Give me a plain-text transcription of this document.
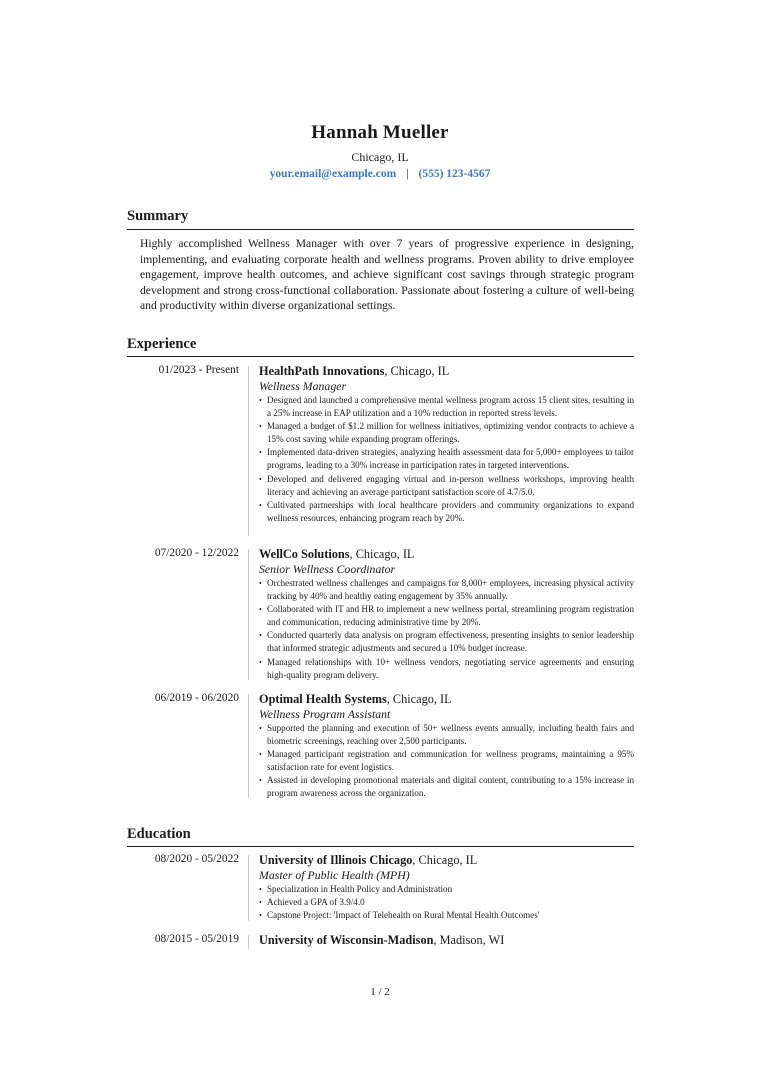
Hannah Mueller
Chicago, IL
your.email@example.com | (555) 123-4567
Summary
Highly accomplished Wellness Manager with over 7 years of progressive experience in designing, implementing, and evaluating corporate health and wellness programs. Proven ability to drive employee engagement, improve health outcomes, and achieve significant cost savings through strategic program development and strong cross-functional collaboration. Passionate about fostering a culture of well-being and productivity within diverse organizational settings.
Experience
01/2023 - Present HealthPath Innovations, Chicago, IL
Wellness Manager
• Designed and launched a comprehensive mental wellness program across 15 client sites, resulting in a 25% increase in EAP utilization and a 10% reduction in reported stress levels.
• Managed a budget of $1.2 million for wellness initiatives, optimizing vendor contracts to achieve a 15% cost saving while expanding program offerings.
• Implemented data-driven strategies, analyzing health assessment data for 5,000+ employees to tailor programs, leading to a 30% increase in participation rates in targeted interventions.
• Developed and delivered engaging virtual and in-person wellness workshops, improving health literacy and achieving an average participant satisfaction score of 4.7/5.0.
• Cultivated partnerships with local healthcare providers and community organizations to expand wellness resources, enhancing program reach by 20%.
07/2020 - 12/2022 WellCo Solutions, Chicago, IL
Senior Wellness Coordinator
• Orchestrated wellness challenges and campaigns for 8,000+ employees, increasing physical activity tracking by 40% and healthy eating engagement by 35% annually.
• Collaborated with IT and HR to implement a new wellness portal, streamlining program registration and communication, reducing administrative time by 20%.
• Conducted quarterly data analysis on program effectiveness, presenting insights to senior leadership that informed strategic adjustments and secured a 10% budget increase.
• Managed relationships with 10+ wellness vendors, negotiating service agreements and ensuring high-quality program delivery.
06/2019 - 06/2020 Optimal Health Systems, Chicago, IL
Wellness Program Assistant
• Supported the planning and execution of 50+ wellness events annually, including health fairs and biometric screenings, reaching over 2,500 participants.
• Managed participant registration and communication for wellness programs, maintaining a 95% satisfaction rate for event logistics.
• Assisted in developing promotional materials and digital content, contributing to a 15% increase in program awareness across the organization.
Education
08/2020 - 05/2022 University of Illinois Chicago, Chicago, IL
Master of Public Health (MPH)
• Specialization in Health Policy and Administration
• Achieved a GPA of 3.9/4.0
• Capstone Project: 'Impact of Telehealth on Rural Mental Health Outcomes'
08/2015 - 05/2019 University of Wisconsin-Madison, Madison, WI
1 / 2
